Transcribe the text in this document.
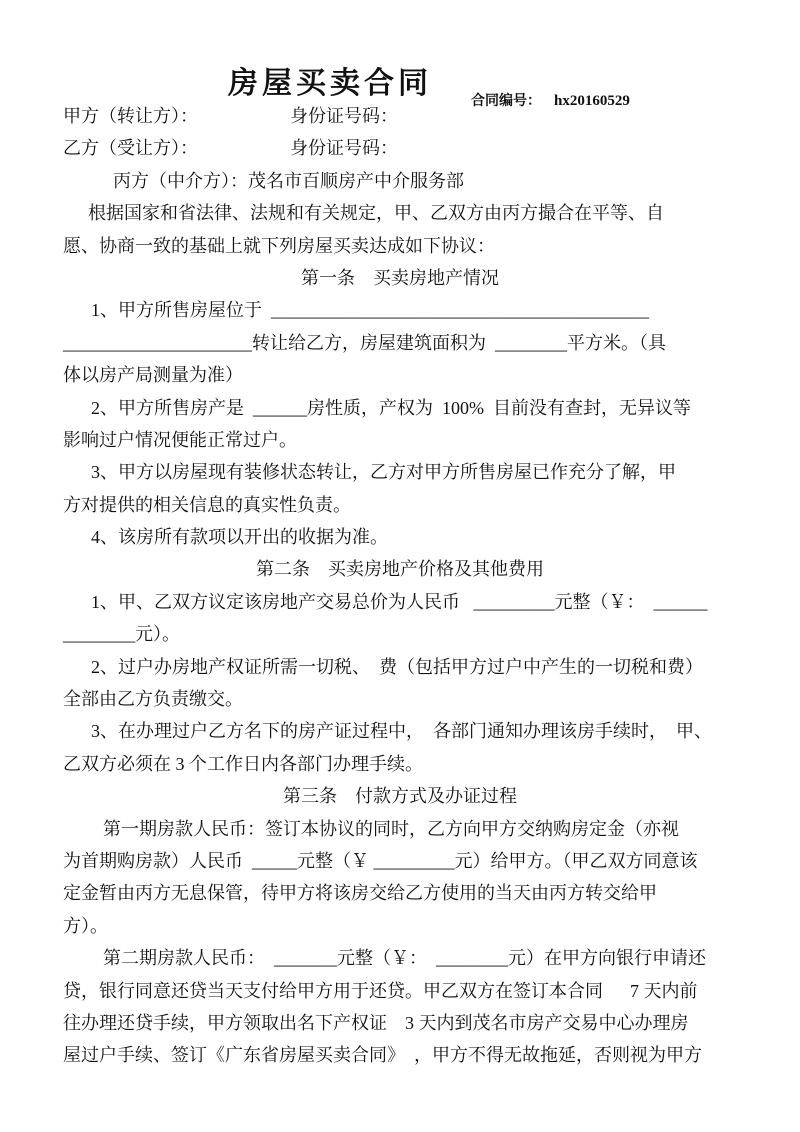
房屋买卖合同

合同编号： hx20160529

甲方（转让方）：	身份证号码：
乙方（受让方）：	身份证号码：
丙方（中介方）：茂名市百顺房产中介服务部
根据国家和省法律、法规和有关规定，甲、乙双方由丙方撮合在平等、自
愿、协商一致的基础上就下列房屋买卖达成如下协议：
第一条    买卖房地产情况
1、甲方所售房屋位于  __________________________________________
_____________________转让给乙方，房屋建筑面积为  ________平方米。（具
体以房产局测量为准）
2、甲方所售房产是  ______房性质，产权为  100%  目前没有查封，无异议等
影响过户情况便能正常过户。
3、甲方以房屋现有装修状态转让，乙方对甲方所售房屋已作充分了解，甲
方对提供的相关信息的真实性负责。
4、该房所有款项以开出的收据为准。
第二条    买卖房地产价格及其他费用
1、甲、乙双方议定该房地产交易总价为人民币   _________元整（￥：  ______
________元）。
2、过户办房地产权证所需一切税、  费（包括甲方过户中产生的一切税和费）
全部由乙方负责缴交。
3、在办理过户乙方名下的房产证过程中，  各部门通知办理该房手续时，  甲、
乙双方必须在 3 个工作日内各部门办理手续。
第三条    付款方式及办证过程
第一期房款人民币：签订本协议的同时，乙方向甲方交纳购房定金（亦视
为首期购房款）人民币  _____元整（￥ _________元）给甲方。（甲乙双方同意该
定金暂由丙方无息保管，待甲方将该房交给乙方使用的当天由丙方转交给甲
方）。
第二期房款人民币：  _______元整（￥：  ________元）在甲方向银行申请还
贷，银行同意还贷当天支付给甲方用于还贷。甲乙双方在签订本合同      7 天内前
往办理还贷手续，甲方领取出名下产权证    3 天内到茂名市房产交易中心办理房
屋过户手续、签订《广东省房屋买卖合同》  ，甲方不得无故拖延，否则视为甲方
